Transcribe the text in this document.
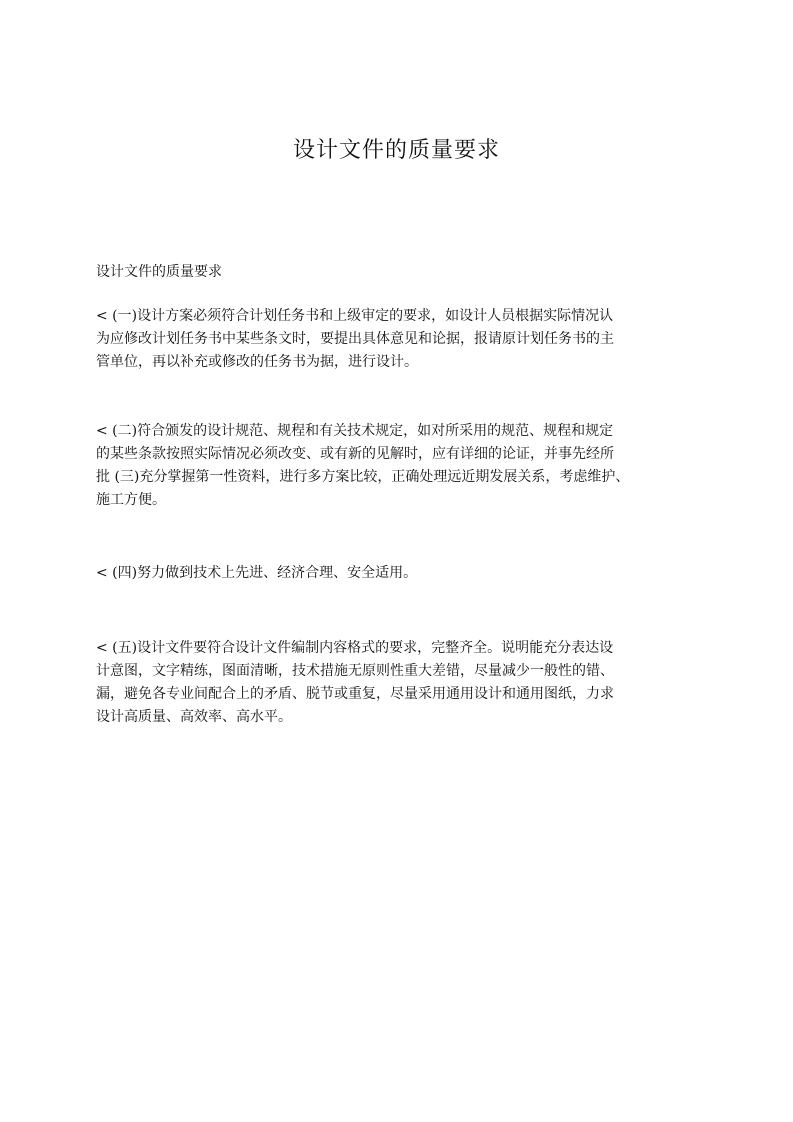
设计文件的质量要求

设计文件的质量要求

< (一)设计方案必须符合计划任务书和上级审定的要求，如设计人员根据实际情况认
为应修改计划任务书中某些条文时，要提出具体意见和论据，报请原计划任务书的主
管单位，再以补充或修改的任务书为据，进行设计。

< (二)符合颁发的设计规范、规程和有关技术规定，如对所采用的规范、规程和规定
的某些条款按照实际情况必须改变、或有新的见解时，应有详细的论证，并事先经所
批 (三)充分掌握第一性资料，进行多方案比较，正确处理远近期发展关系，考虑维护、
施工方便。

< (四)努力做到技术上先进、经济合理、安全适用。

< (五)设计文件要符合设计文件编制内容格式的要求，完整齐全。说明能充分表达设
计意图，文字精练，图面清晰，技术措施无原则性重大差错，尽量减少一般性的错、
漏，避免各专业间配合上的矛盾、脱节或重复，尽量采用通用设计和通用图纸，力求
设计高质量、高效率、高水平。
